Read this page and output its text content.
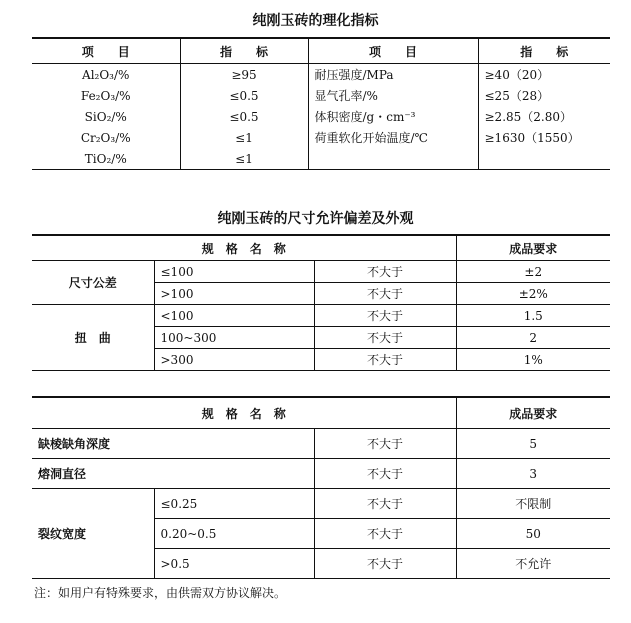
纯刚玉砖的理化指标
项　　目	指　　标	项　　目	指　　标
Al₂O₃/%	≥95	耐压强度/MPa	≥40（20）
Fe₂O₃/%	≤0.5	显气孔率/%	≤25（28）
SiO₂/%	≤0.5	体积密度/g・cm⁻³	≥2.85（2.80）
Cr₂O₃/%	≤1	荷重软化开始温度/℃	≥1630（1550）
TiO₂/%	≤1		
纯刚玉砖的尺寸允许偏差及外观
规　格　名　称			成品要求
尺寸公差	≤100	不大于	±2
	>100	不大于	±2%
扭　曲	<100	不大于	1.5
	100~300	不大于	2
	>300	不大于	1%
规　格　名　称			成品要求
缺棱缺角深度		不大于	5
熔洞直径		不大于	3
裂纹宽度	≤0.25	不大于	不限制
	0.20~0.5	不大于	50
	>0.5	不大于	不允许
注：如用户有特殊要求，由供需双方协议解决。
